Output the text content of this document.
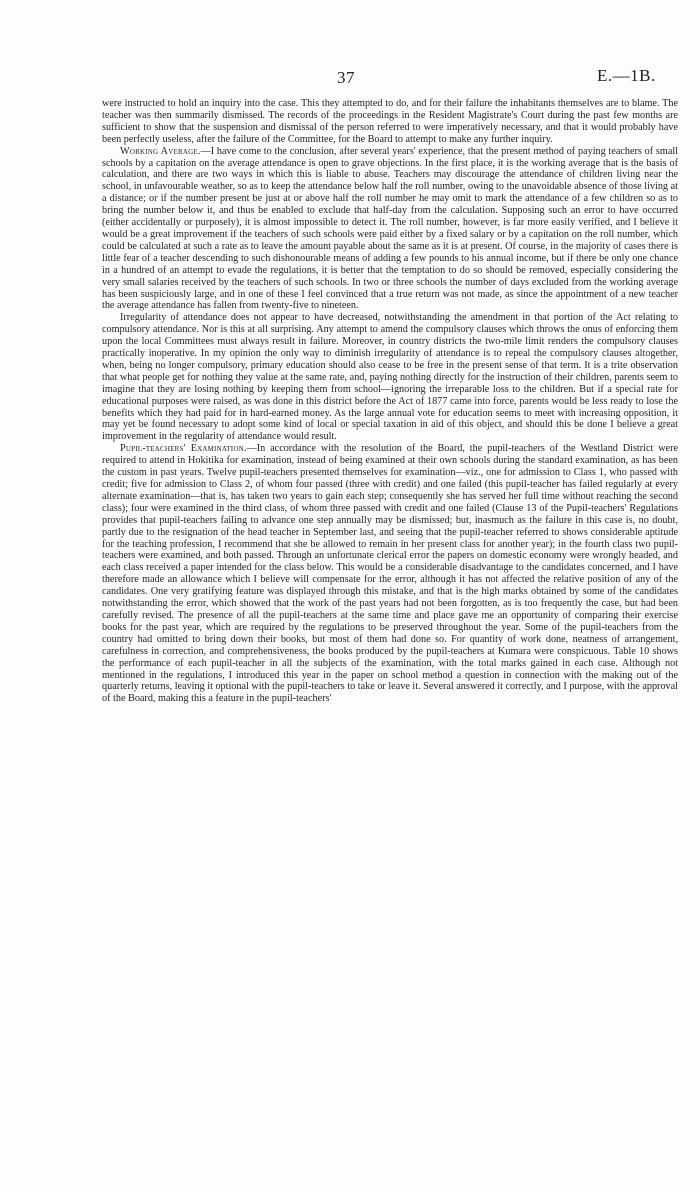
37	E.—1B.

were instructed to hold an inquiry into the case. This they attempted to do, and for their failure the inhabitants themselves are to blame. The teacher was then summarily dismissed. The records of the proceedings in the Resident Magistrate's Court during the past few months are sufficient to show that the suspension and dismissal of the person referred to were imperatively necessary, and that it would probably have been perfectly useless, after the failure of the Committee, for the Board to attempt to make any further inquiry.

Working Average.—I have come to the conclusion, after several years' experience, that the present method of paying teachers of small schools by a capitation on the average attendance is open to grave objections. In the first place, it is the working average that is the basis of calculation, and there are two ways in which this is liable to abuse. Teachers may discourage the attendance of children living near the school, in unfavourable weather, so as to keep the attendance below half the roll number, owing to the unavoidable absence of those living at a distance; or if the number present be just at or above half the roll number he may omit to mark the attendance of a few children so as to bring the number below it, and thus be enabled to exclude that half-day from the calculation. Supposing such an error to have occurred (either accidentally or purposely), it is almost impossible to detect it. The roll number, however, is far more easily verified, and I believe it would be a great improvement if the teachers of such schools were paid either by a fixed salary or by a capitation on the roll number, which could be calculated at such a rate as to leave the amount payable about the same as it is at present. Of course, in the majority of cases there is little fear of a teacher descending to such dishonourable means of adding a few pounds to his annual income, but if there be only one chance in a hundred of an attempt to evade the regulations, it is better that the temptation to do so should be removed, especially considering the very small salaries received by the teachers of such schools. In two or three schools the number of days excluded from the working average has been suspiciously large, and in one of these I feel convinced that a true return was not made, as since the appointment of a new teacher the average attendance has fallen from twenty-five to nineteen.

Irregularity of attendance does not appear to have decreased, notwithstanding the amendment in that portion of the Act relating to compulsory attendance. Nor is this at all surprising. Any attempt to amend the compulsory clauses which throws the onus of enforcing them upon the local Committees must always result in failure. Moreover, in country districts the two-mile limit renders the compulsory clauses practically inoperative. In my opinion the only way to diminish irregularity of attendance is to repeal the compulsory clauses altogether, when, being no longer compulsory, primary education should also cease to be free in the present sense of that term. It is a trite observation that what people get for nothing they value at the same rate, and, paying nothing directly for the instruction of their children, parents seem to imagine that they are losing nothing by keeping them from school—ignoring the irreparable loss to the children. But if a special rate for educational purposes were raised, as was done in this district before the Act of 1877 came into force, parents would be less ready to lose the benefits which they had paid for in hard-earned money. As the large annual vote for education seems to meet with increasing opposition, it may yet be found necessary to adopt some kind of local or special taxation in aid of this object, and should this be done I believe a great improvement in the regularity of attendance would result.

Pupil-teachers' Examination.—In accordance with the resolution of the Board, the pupil-teachers of the Westland District were required to attend in Hokitika for examination, instead of being examined at their own schools during the standard examination, as has been the custom in past years. Twelve pupil-teachers presented themselves for examination—viz., one for admission to Class 1, who passed with credit; five for admission to Class 2, of whom four passed (three with credit) and one failed (this pupil-teacher has failed regularly at every alternate examination—that is, has taken two years to gain each step; consequently she has served her full time without reaching the second class); four were examined in the third class, of whom three passed with credit and one failed (Clause 13 of the Pupil-teachers' Regulations provides that pupil-teachers failing to advance one step annually may be dismissed; but, inasmuch as the failure in this case is, no doubt, partly due to the resignation of the head teacher in September last, and seeing that the pupil-teacher referred to shows considerable aptitude for the teaching profession, I recommend that she be allowed to remain in her present class for another year); in the fourth class two pupil-teachers were examined, and both passed. Through an unfortunate clerical error the papers on domestic economy were wrongly headed, and each class received a paper intended for the class below. This would be a considerable disadvantage to the candidates concerned, and I have therefore made an allowance which I believe will compensate for the error, although it has not affected the relative position of any of the candidates. One very gratifying feature was displayed through this mistake, and that is the high marks obtained by some of the candidates notwithstanding the error, which showed that the work of the past years had not been forgotten, as is too frequently the case, but had been carefully revised. The presence of all the pupil-teachers at the same time and place gave me an opportunity of comparing their exercise books for the past year, which are required by the regulations to be preserved throughout the year. Some of the pupil-teachers from the country had omitted to bring down their books, but most of them had done so. For quantity of work done, neatness of arrangement, carefulness in correction, and comprehensiveness, the books produced by the pupil-teachers at Kumara were conspicuous. Table 10 shows the performance of each pupil-teacher in all the subjects of the examination, with the total marks gained in each case. Although not mentioned in the regulations, I introduced this year in the paper on school method a question in connection with the making out of the quarterly returns, leaving it optional with the pupil-teachers to take or leave it. Several answered it correctly, and I purpose, with the approval of the Board, making this a feature in the pupil-teachers'
